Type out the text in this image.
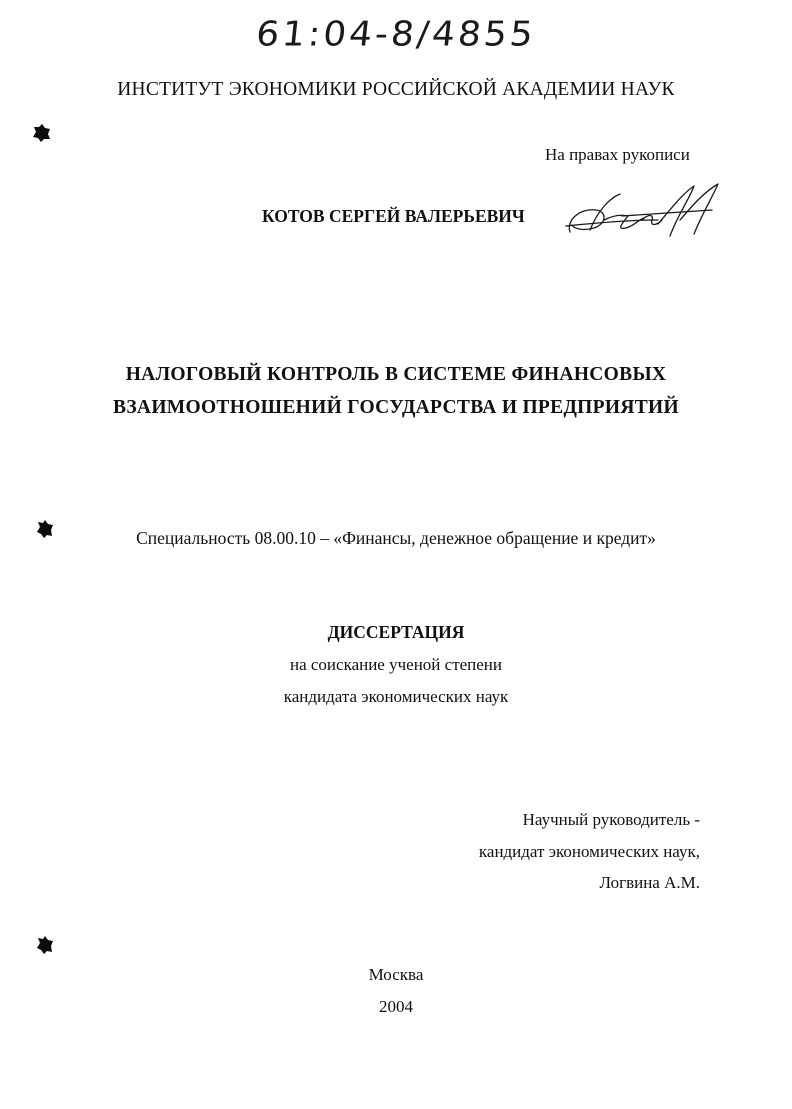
61:04-8/4855
ИНСТИТУТ ЭКОНОМИКИ РОССИЙСКОЙ АКАДЕМИИ НАУК
На правах рукописи
КОТОВ СЕРГЕЙ ВАЛЕРЬЕВИЧ
НАЛОГОВЫЙ КОНТРОЛЬ В СИСТЕМЕ ФИНАНСОВЫХ
ВЗАИМООТНОШЕНИЙ ГОСУДАРСТВА И ПРЕДПРИЯТИЙ
Специальность 08.00.10 – «Финансы, денежное обращение и кредит»
ДИССЕРТАЦИЯ
на соискание ученой степени
кандидата экономических наук
Научный руководитель -
кандидат экономических наук,
Логвина А.М.
Москва
2004
